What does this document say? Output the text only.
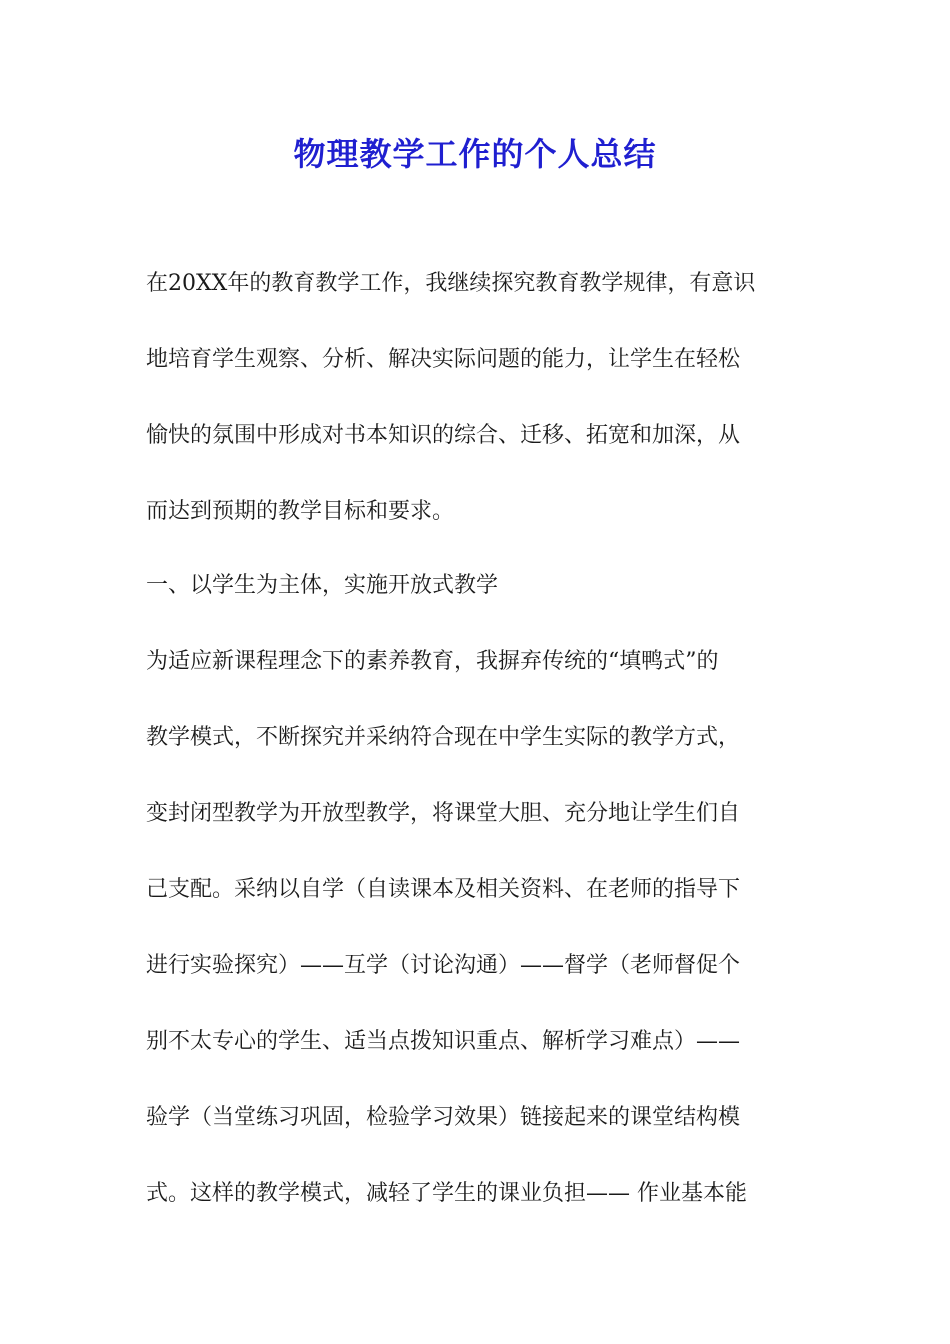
物理教学工作的个人总结
在20XX年的教育教学工作，我继续探究教育教学规律，有意识
地培育学生观察、分析、解决实际问题的能力，让学生在轻松
愉快的氛围中形成对书本知识的综合、迁移、拓宽和加深，从
而达到预期的教学目标和要求。
一、以学生为主体，实施开放式教学
为适应新课程理念下的素养教育，我摒弃传统的“填鸭式”的
教学模式，不断探究并采纳符合现在中学生实际的教学方式，
变封闭型教学为开放型教学，将课堂大胆、充分地让学生们自
己支配。采纳以自学（自读课本及相关资料、在老师的指导下
进行实验探究）——互学（讨论沟通）——督学（老师督促个
别不太专心的学生、适当点拨知识重点、解析学习难点）——
验学（当堂练习巩固，检验学习效果）链接起来的课堂结构模
式。这样的教学模式，减轻了学生的课业负担—— 作业基本能
